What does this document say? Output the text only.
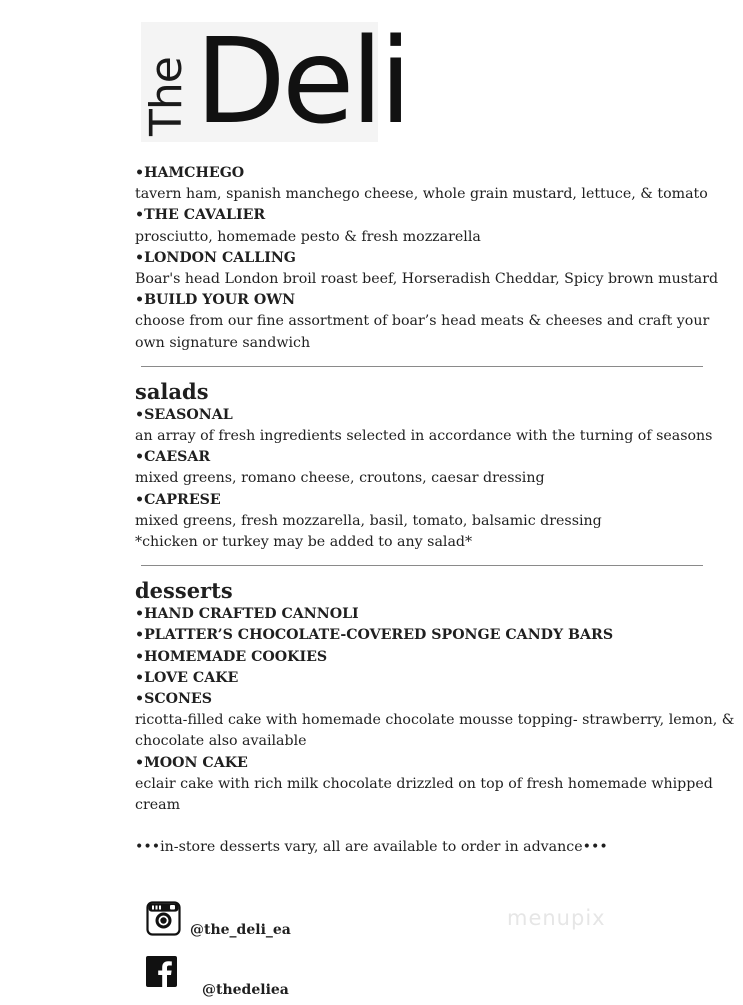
The Deli
•HAMCHEGO
tavern ham, spanish manchego cheese, whole grain mustard, lettuce, & tomato
•THE CAVALIER
prosciutto, homemade pesto & fresh mozzarella
•LONDON CALLING
Boar's head London broil roast beef, Horseradish Cheddar, Spicy brown mustard
•BUILD YOUR OWN
choose from our fine assortment of boar’s head meats & cheeses and craft your own signature sandwich
salads
•SEASONAL
an array of fresh ingredients selected in accordance with the turning of seasons
•CAESAR
mixed greens, romano cheese, croutons, caesar dressing
•CAPRESE
mixed greens, fresh mozzarella, basil, tomato, balsamic dressing
*chicken or turkey may be added to any salad*
desserts
•HAND CRAFTED CANNOLI
•PLATTER’S CHOCOLATE-COVERED SPONGE CANDY BARS
•HOMEMADE COOKIES
•LOVE CAKE
•SCONES
ricotta-filled cake with homemade chocolate mousse topping- strawberry, lemon, & chocolate also available
•MOON CAKE
eclair cake with rich milk chocolate drizzled on top of fresh homemade whipped cream
•••in-store desserts vary, all are available to order in advance•••
@the_deli_ea
@thedeliea
menupix
